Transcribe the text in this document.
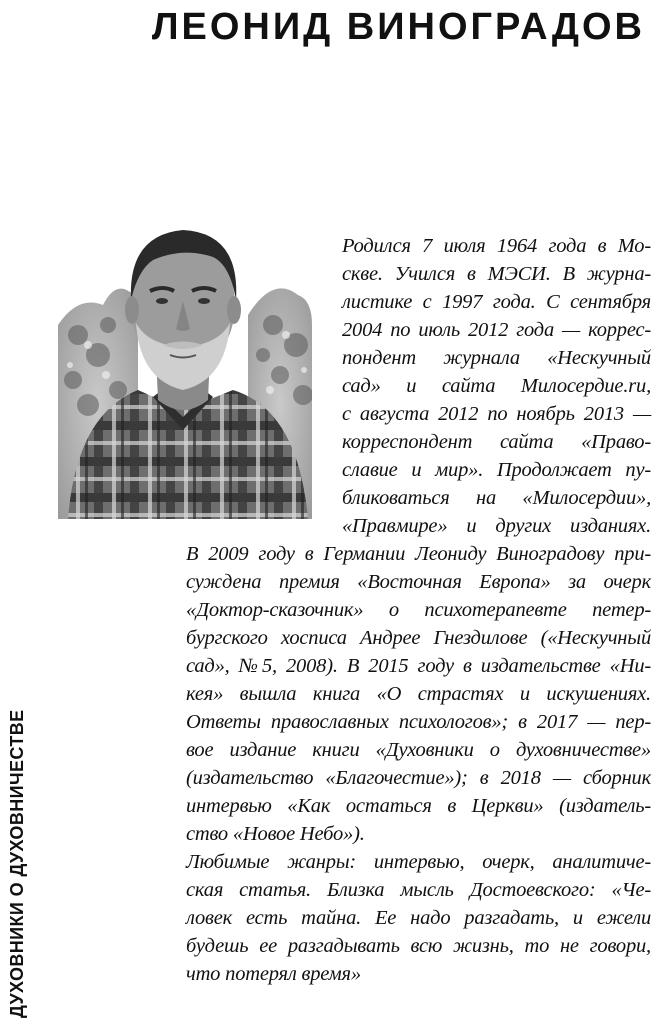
ЛЕОНИД ВИНОГРАДОВ
ДУХОВНИКИ О ДУХОВНИЧЕСТВЕ
Родился 7 июля 1964 года в Мо-
скве. Учился в МЭСИ. В журна-
листике с 1997 года. С сентября
2004 по июль 2012 года — коррес-
пондент журнала «Нескучный
сад» и сайта Милосердие.ru,
с августа 2012 по ноябрь 2013 —
корреспондент сайта «Право-
славие и мир». Продолжает пу-
бликоваться на «Милосердии»,
«Правмире» и других изданиях.
В 2009 году в Германии Леониду Виноградову при-
суждена премия «Восточная Европа» за очерк
«Доктор-сказочник» о психотерапевте петер-
бургского хосписа Андрее Гнездилове («Нескучный
сад», №5, 2008). В 2015 году в издательстве «Ни-
кея» вышла книга «О страстях и искушениях.
Ответы православных психологов»; в 2017 — пер-
вое издание книги «Духовники о духовничестве»
(издательство «Благочестие»); в 2018 — сборник
интервью «Как остаться в Церкви» (издатель-
ство «Новое Небо»).
Любимые жанры: интервью, очерк, аналитиче-
ская статья. Близка мысль Достоевского: «Че-
ловек есть тайна. Ее надо разгадать, и ежели
будешь ее разгадывать всю жизнь, то не говори,
что потерял время»
